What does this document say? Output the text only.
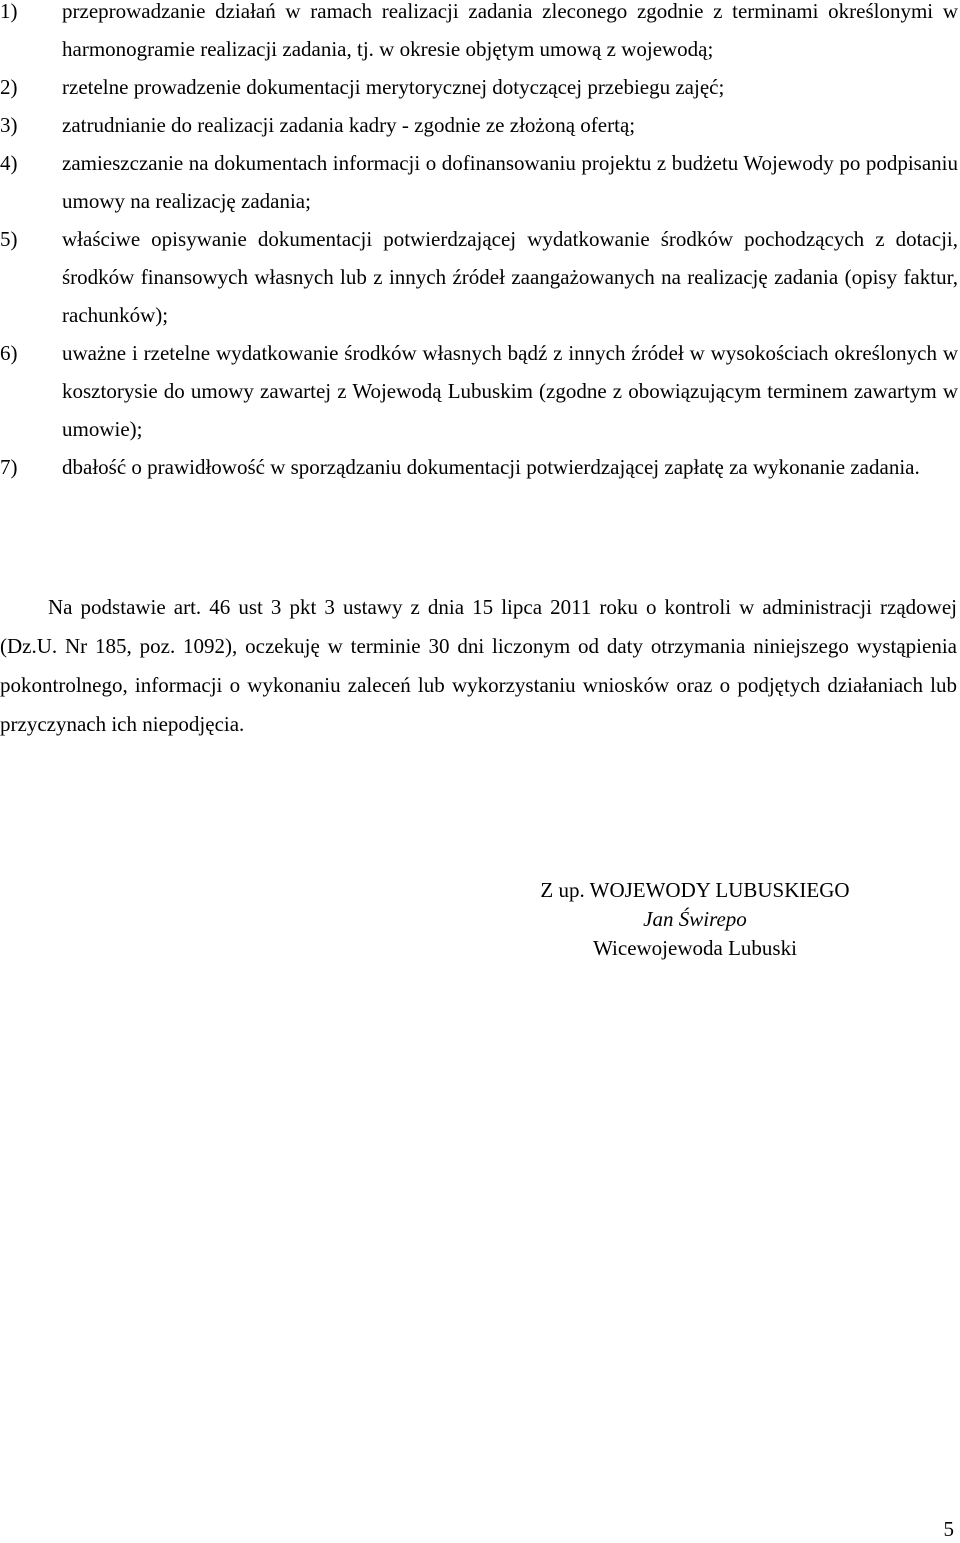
1) przeprowadzanie działań w ramach realizacji zadania zleconego zgodnie z terminami określonymi w harmonogramie realizacji zadania, tj. w okresie objętym umową z wojewodą;
2) rzetelne prowadzenie dokumentacji merytorycznej dotyczącej przebiegu zajęć;
3) zatrudnianie do realizacji zadania kadry - zgodnie ze złożoną ofertą;
4) zamieszczanie na dokumentach informacji o dofinansowaniu projektu z budżetu Wojewody po podpisaniu umowy na realizację zadania;
5) właściwe opisywanie dokumentacji potwierdzającej wydatkowanie środków pochodzących z dotacji, środków finansowych własnych lub z innych źródeł zaangażowanych na realizację zadania (opisy faktur, rachunków);
6) uważne i rzetelne wydatkowanie środków własnych bądź z innych źródeł w wysokościach określonych w kosztorysie do umowy zawartej z Wojewodą Lubuskim (zgodne z obowiązującym terminem zawartym w umowie);
7) dbałość o prawidłowość w sporządzaniu dokumentacji potwierdzającej zapłatę za wykonanie zadania.

Na podstawie art. 46 ust 3 pkt 3 ustawy z dnia 15 lipca 2011 roku o kontroli w administracji rządowej (Dz.U. Nr 185, poz. 1092), oczekuję w terminie 30 dni liczonym od daty otrzymania niniejszego wystąpienia pokontrolnego, informacji o wykonaniu zaleceń lub wykorzystaniu wniosków oraz o podjętych działaniach lub przyczynach ich niepodjęcia.

Z up. WOJEWODY LUBUSKIEGO
Jan Świrepo
Wicewojewoda Lubuski
5
